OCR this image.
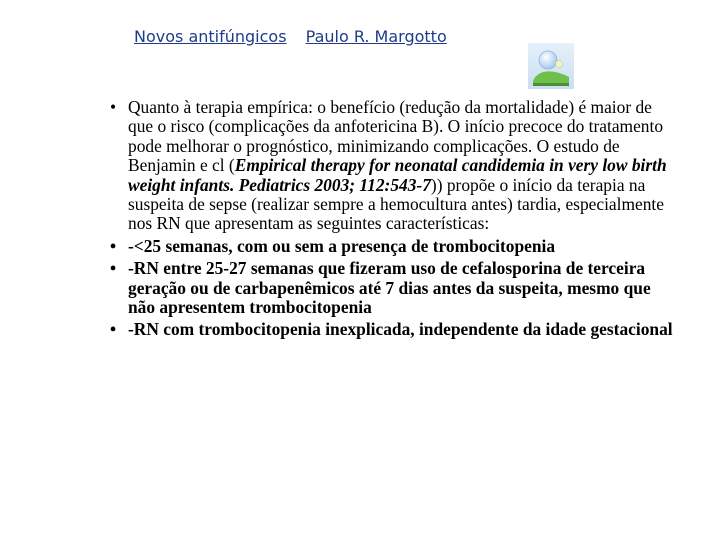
Novos antifúngicos Paulo R. Margotto
• Quanto à terapia empírica: o benefício (redução da mortalidade) é maior de que o risco (complicações da anfotericina B). O início precoce do tratamento pode melhorar o prognóstico, minimizando complicações. O estudo de Benjamin e cl (Empirical therapy for neonatal candidemia in very low birth weight infants. Pediatrics 2003; 112:543-7)) propõe o início da terapia na suspeita de sepse (realizar sempre a hemocultura antes) tardia, especialmente nos RN que apresentam as seguintes características:
• -<25 semanas, com ou sem a presença de trombocitopenia
• -RN entre 25-27 semanas que fizeram uso de cefalosporina de terceira geração ou de carbapenêmicos até 7 dias antes da suspeita, mesmo que não apresentem trombocitopenia
• -RN com trombocitopenia inexplicada, independente da idade gestacional
